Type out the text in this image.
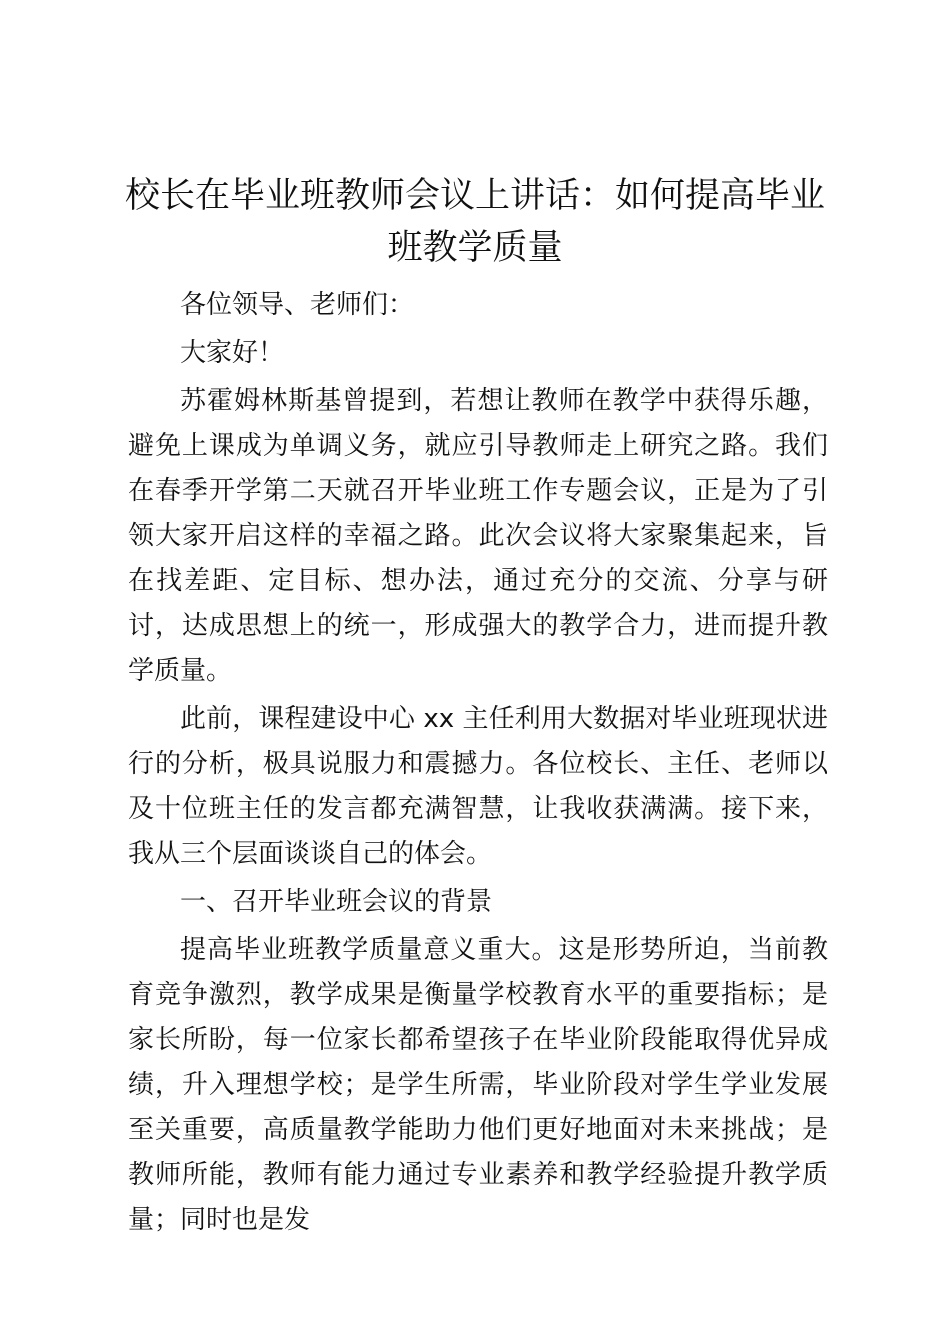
校长在毕业班教师会议上讲话：如何提高毕业班教学质量

各位领导、老师们：

大家好！

苏霍姆林斯基曾提到，若想让教师在教学中获得乐趣，避免上课成为单调义务，就应引导教师走上研究之路。我们在春季开学第二天就召开毕业班工作专题会议，正是为了引领大家开启这样的幸福之路。此次会议将大家聚集起来，旨在找差距、定目标、想办法，通过充分的交流、分享与研讨，达成思想上的统一，形成强大的教学合力，进而提升教学质量。

此前，课程建设中心 xx 主任利用大数据对毕业班现状进行的分析，极具说服力和震撼力。各位校长、主任、老师以及十位班主任的发言都充满智慧，让我收获满满。接下来，我从三个层面谈谈自己的体会。

一、召开毕业班会议的背景

提高毕业班教学质量意义重大。这是形势所迫，当前教育竞争激烈，教学成果是衡量学校教育水平的重要指标；是家长所盼，每一位家长都希望孩子在毕业阶段能取得优异成绩，升入理想学校；是学生所需，毕业阶段对学生学业发展至关重要，高质量教学能助力他们更好地面对未来挑战；是教师所能，教师有能力通过专业素养和教学经验提升教学质量；同时也是发
